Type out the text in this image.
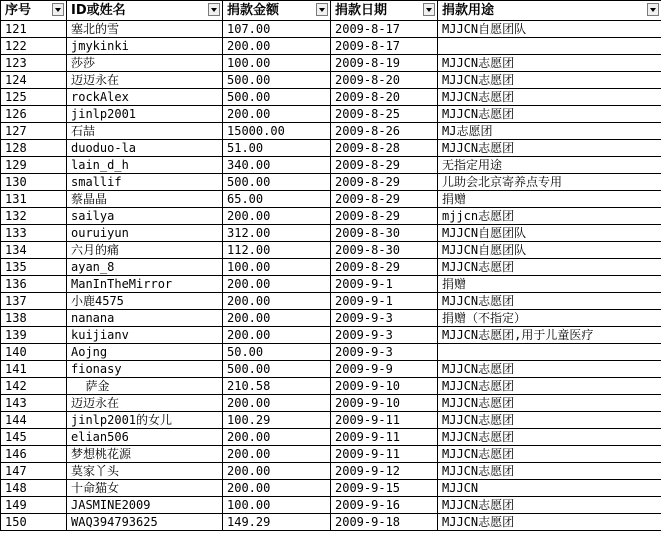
序号	ID或姓名	捐款金额	捐款日期	捐款用途

121	塞北的雪	107.00	2009-8-17	MJJCN自愿团队
122	jmykinki	200.00	2009-8-17	
123	莎莎	100.00	2009-8-19	MJJCN志愿团
124	迈迈永在	500.00	2009-8-20	MJJCN志愿团
125	rockAlex	500.00	2009-8-20	MJJCN志愿团
126	jinlp2001	200.00	2009-8-25	MJJCN志愿团
127	石喆	15000.00	2009-8-26	MJ志愿团
128	duoduo-la	51.00	2009-8-28	MJJCN志愿团
129	lain_d_h	340.00	2009-8-29	无指定用途
130	smallif	500.00	2009-8-29	儿助会北京寄养点专用
131	蔡晶晶	65.00	2009-8-29	捐赠
132	sailya	200.00	2009-8-29	mjjcn志愿团
133	ouruiyun	312.00	2009-8-30	MJJCN自愿团队
134	六月的痛	112.00	2009-8-30	MJJCN自愿团队
135	ayan_8	100.00	2009-8-29	MJJCN志愿团
136	ManInTheMirror	200.00	2009-9-1	捐赠
137	小鹿4575	200.00	2009-9-1	MJJCN志愿团
138	nanana	200.00	2009-9-3	捐赠（不指定）
139	kuijianv	200.00	2009-9-3	MJJCN志愿团,用于儿童医疗
140	Aojng	50.00	2009-9-3	
141	fionasy	500.00	2009-9-9	MJJCN志愿团
142	萨金	210.58	2009-9-10	MJJCN志愿团
143	迈迈永在	200.00	2009-9-10	MJJCN志愿团
144	jinlp2001的女儿	100.29	2009-9-11	MJJCN志愿团
145	elian506	200.00	2009-9-11	MJJCN志愿团
146	梦想桃花源	200.00	2009-9-11	MJJCN志愿团
147	莫家丫头	200.00	2009-9-12	MJJCN志愿团
148	十命猫女	200.00	2009-9-15	MJJCN
149	JASMINE2009	100.00	2009-9-16	MJJCN志愿团
150	WAQ394793625	149.29	2009-9-18	MJJCN志愿团
